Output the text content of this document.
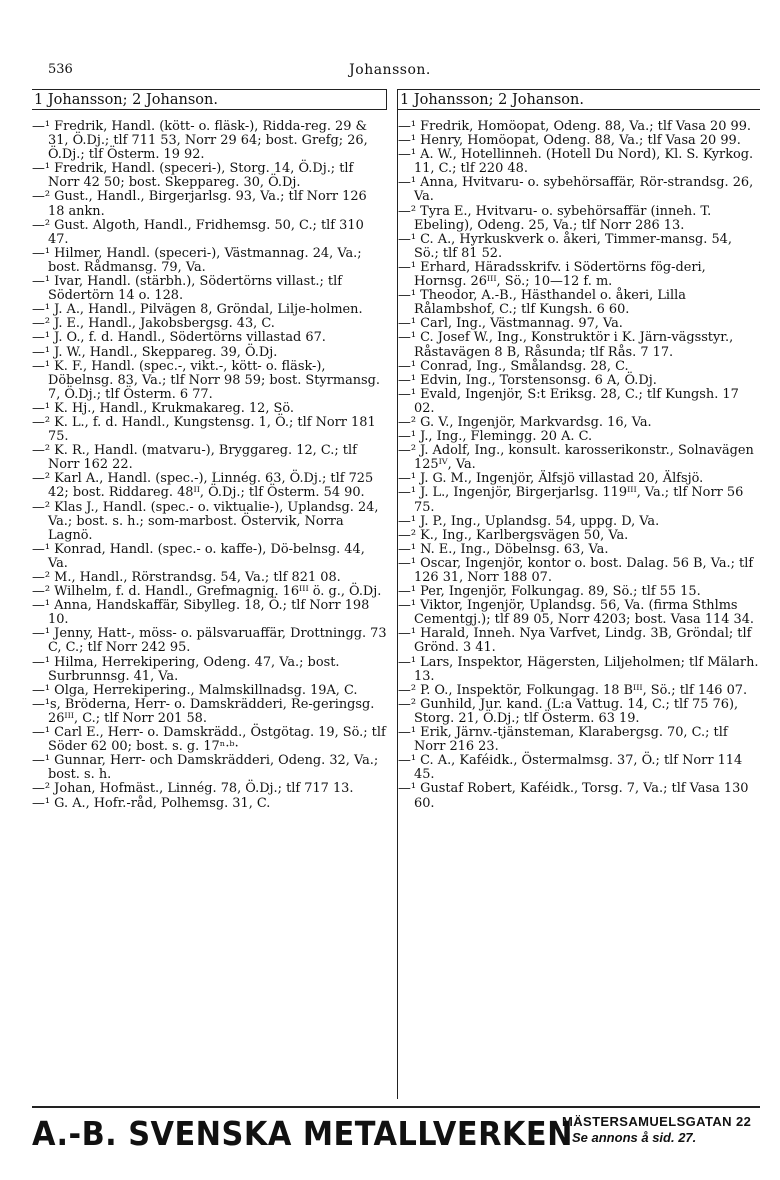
536	Johansson.
1 Johansson; 2 Johanson.
—¹ Fredrik, Handl. (kött- o. fläsk-), Ridda-reg. 29 & 31, Ö.Dj.; tlf 711 53, Norr 29 64; bost. Grefg; 26, Ö.Dj.; tlf Österm. 19 92.
—¹ Fredrik, Handl. (speceri-), Storg. 14, Ö.Dj.; tlf Norr 42 50; bost. Skeppareg. 30, Ö.Dj.
—² Gust., Handl., Birgerjarlsg. 93, Va.; tlf Norr 126 18 ankn.
—² Gust. Algoth, Handl., Fridhemsg. 50, C.; tlf 310 47.
—¹ Hilmer, Handl. (speceri-), Västmannag. 24, Va.; bost. Rådmansg. 79, Va.
—¹ Ivar, Handl. (stärbh.), Södertörns villast.; tlf Södertörn 14 o. 128.
—¹ J. A., Handl., Pilvägen 8, Gröndal, Lilje-holmen.
—² J. E., Handl., Jakobsbergsg. 43, C.
—¹ J. O., f. d. Handl., Södertörns villastad 67.
—¹ J. W., Handl., Skeppareg. 39, Ö.Dj.
—¹ K. F., Handl. (spec.-, vikt.-, kött- o. fläsk-), Döbelnsg. 83, Va.; tlf Norr 98 59; bost. Styrmansg. 7, Ö.Dj.; tlf Österm. 6 77.
—¹ K. Hj., Handl., Krukmakareg. 12, Sö.
—² K. L., f. d. Handl., Kungstensg. 1, Ö.; tlf Norr 181 75.
—² K. R., Handl. (matvaru-), Bryggareg. 12, C.; tlf Norr 162 22.
—² Karl A., Handl. (spec.-), Linnég. 63, Ö.Dj.; tlf 725 42; bost. Riddareg. 48ᴵᴵ, Ö.Dj.; tlf Österm. 54 90.
—² Klas J., Handl. (spec.- o. viktualie-), Uplandsg. 24, Va.; bost. s. h.; som-marbost. Östervik, Norra Lagnö.
—¹ Konrad, Handl. (spec.- o. kaffe-), Dö-belnsg. 44, Va.
—² M., Handl., Rörstrandsg. 54, Va.; tlf 821 08.
—² Wilhelm, f. d. Handl., Grefmagnig. 16ᴵᴵᴵ ö. g., Ö.Dj.
—¹ Anna, Handskaffär, Sibylleg. 18, Ö.; tlf Norr 198 10.
—¹ Jenny, Hatt-, möss- o. pälsvaruaffär, Drottningg. 73 C, C.; tlf Norr 242 95.
—¹ Hilma, Herrekipering, Odeng. 47, Va.; bost. Surbrunnsg. 41, Va.
—¹ Olga, Herrekipering., Malmskillnadsg. 19A, C.
—¹s, Bröderna, Herr- o. Damskrädderi, Re-geringsg. 26ᴵᴵᴵ, C.; tlf Norr 201 58.
—¹ Carl E., Herr- o. Damskrädd., Östgötag. 19, Sö.; tlf Söder 62 00; bost. s. g. 17ⁿ·ᵇ·
—¹ Gunnar, Herr- och Damskrädderi, Odeng. 32, Va.; bost. s. h.
—² Johan, Hofmäst., Linnég. 78, Ö.Dj.; tlf 717 13.
—¹ G. A., Hofr.-råd, Polhemsg. 31, C.
1 Johansson; 2 Johanson.
—¹ Fredrik, Homöopat, Odeng. 88, Va.; tlf Vasa 20 99.
—¹ Henry, Homöopat, Odeng. 88, Va.; tlf Vasa 20 99.
—¹ A. W., Hotellinneh. (Hotell Du Nord), Kl. S. Kyrkog. 11, C.; tlf 220 48.
—¹ Anna, Hvitvaru- o. sybehörsaffär, Rör-strandsg. 26, Va.
—² Tyra E., Hvitvaru- o. sybehörsaffär (inneh. T. Ebeling), Odeng. 25, Va.; tlf Norr 286 13.
—¹ C. A., Hyrkuskverk o. åkeri, Timmer-mansg. 54, Sö.; tlf 81 52.
—¹ Erhard, Häradsskrifv. i Södertörns fög-deri, Hornsg. 26ᴵᴵᴵ, Sö.; 10—12 f. m.
—¹ Theodor, A.-B., Hästhandel o. åkeri, Lilla Rålambshof, C.; tlf Kungsh. 6 60.
—¹ Carl, Ing., Västmannag. 97, Va.
—¹ C. Josef W., Ing., Konstruktör i K. Järn-vägsstyr., Råstavägen 8 B, Råsunda; tlf Rås. 7 17.
—¹ Conrad, Ing., Smålandsg. 28, C.
—¹ Edvin, Ing., Torstensonsg. 6 A, Ö.Dj.
—¹ Evald, Ingenjör, S:t Eriksg. 28, C.; tlf Kungsh. 17 02.
—² G. V., Ingenjör, Markvardsg. 16, Va.
—¹ J., Ing., Flemingg. 20 A. C.
—² J. Adolf, Ing., konsult. karosserikonstr., Solnavägen 125ᴵⱽ, Va.
—¹ J. G. M., Ingenjör, Älfsjö villastad 20, Älfsjö.
—¹ J. L., Ingenjör, Birgerjarlsg. 119ᴵᴵᴵ, Va.; tlf Norr 56 75.
—¹ J. P., Ing., Uplandsg. 54, uppg. D, Va.
—² K., Ing., Karlbergsvägen 50, Va.
—¹ N. E., Ing., Döbelnsg. 63, Va.
—¹ Oscar, Ingenjör, kontor o. bost. Dalag. 56 B, Va.; tlf 126 31, Norr 188 07.
—¹ Per, Ingenjör, Folkungag. 89, Sö.; tlf 55 15.
—¹ Viktor, Ingenjör, Uplandsg. 56, Va. (firma Sthlms Cementgj.); tlf 89 05, Norr 4203; bost. Vasa 114 34.
—¹ Harald, Inneh. Nya Varfvet, Lindg. 3B, Gröndal; tlf Grönd. 3 41.
—¹ Lars, Inspektor, Hägersten, Liljeholmen; tlf Mälarh. 13.
—² P. O., Inspektör, Folkungag. 18 Bᴵᴵᴵ, Sö.; tlf 146 07.
—² Gunhild, Jur. kand. (L:a Vattug. 14, C.; tlf 75 76), Storg. 21, Ö.Dj.; tlf Österm. 63 19.
—¹ Erik, Järnv.-tjänsteman, Klarabergsg. 70, C.; tlf Norr 216 23.
—¹ C. A., Kaféidk., Östermalmsg. 37, Ö.; tlf Norr 114 45.
—¹ Gustaf Robert, Kaféidk., Torsg. 7, Va.; tlf Vasa 130 60.
A.-B. SVENSKA METALLVERKEN
MÄSTERSAMUELSGATAN 22
Se annons å sid. 27.
